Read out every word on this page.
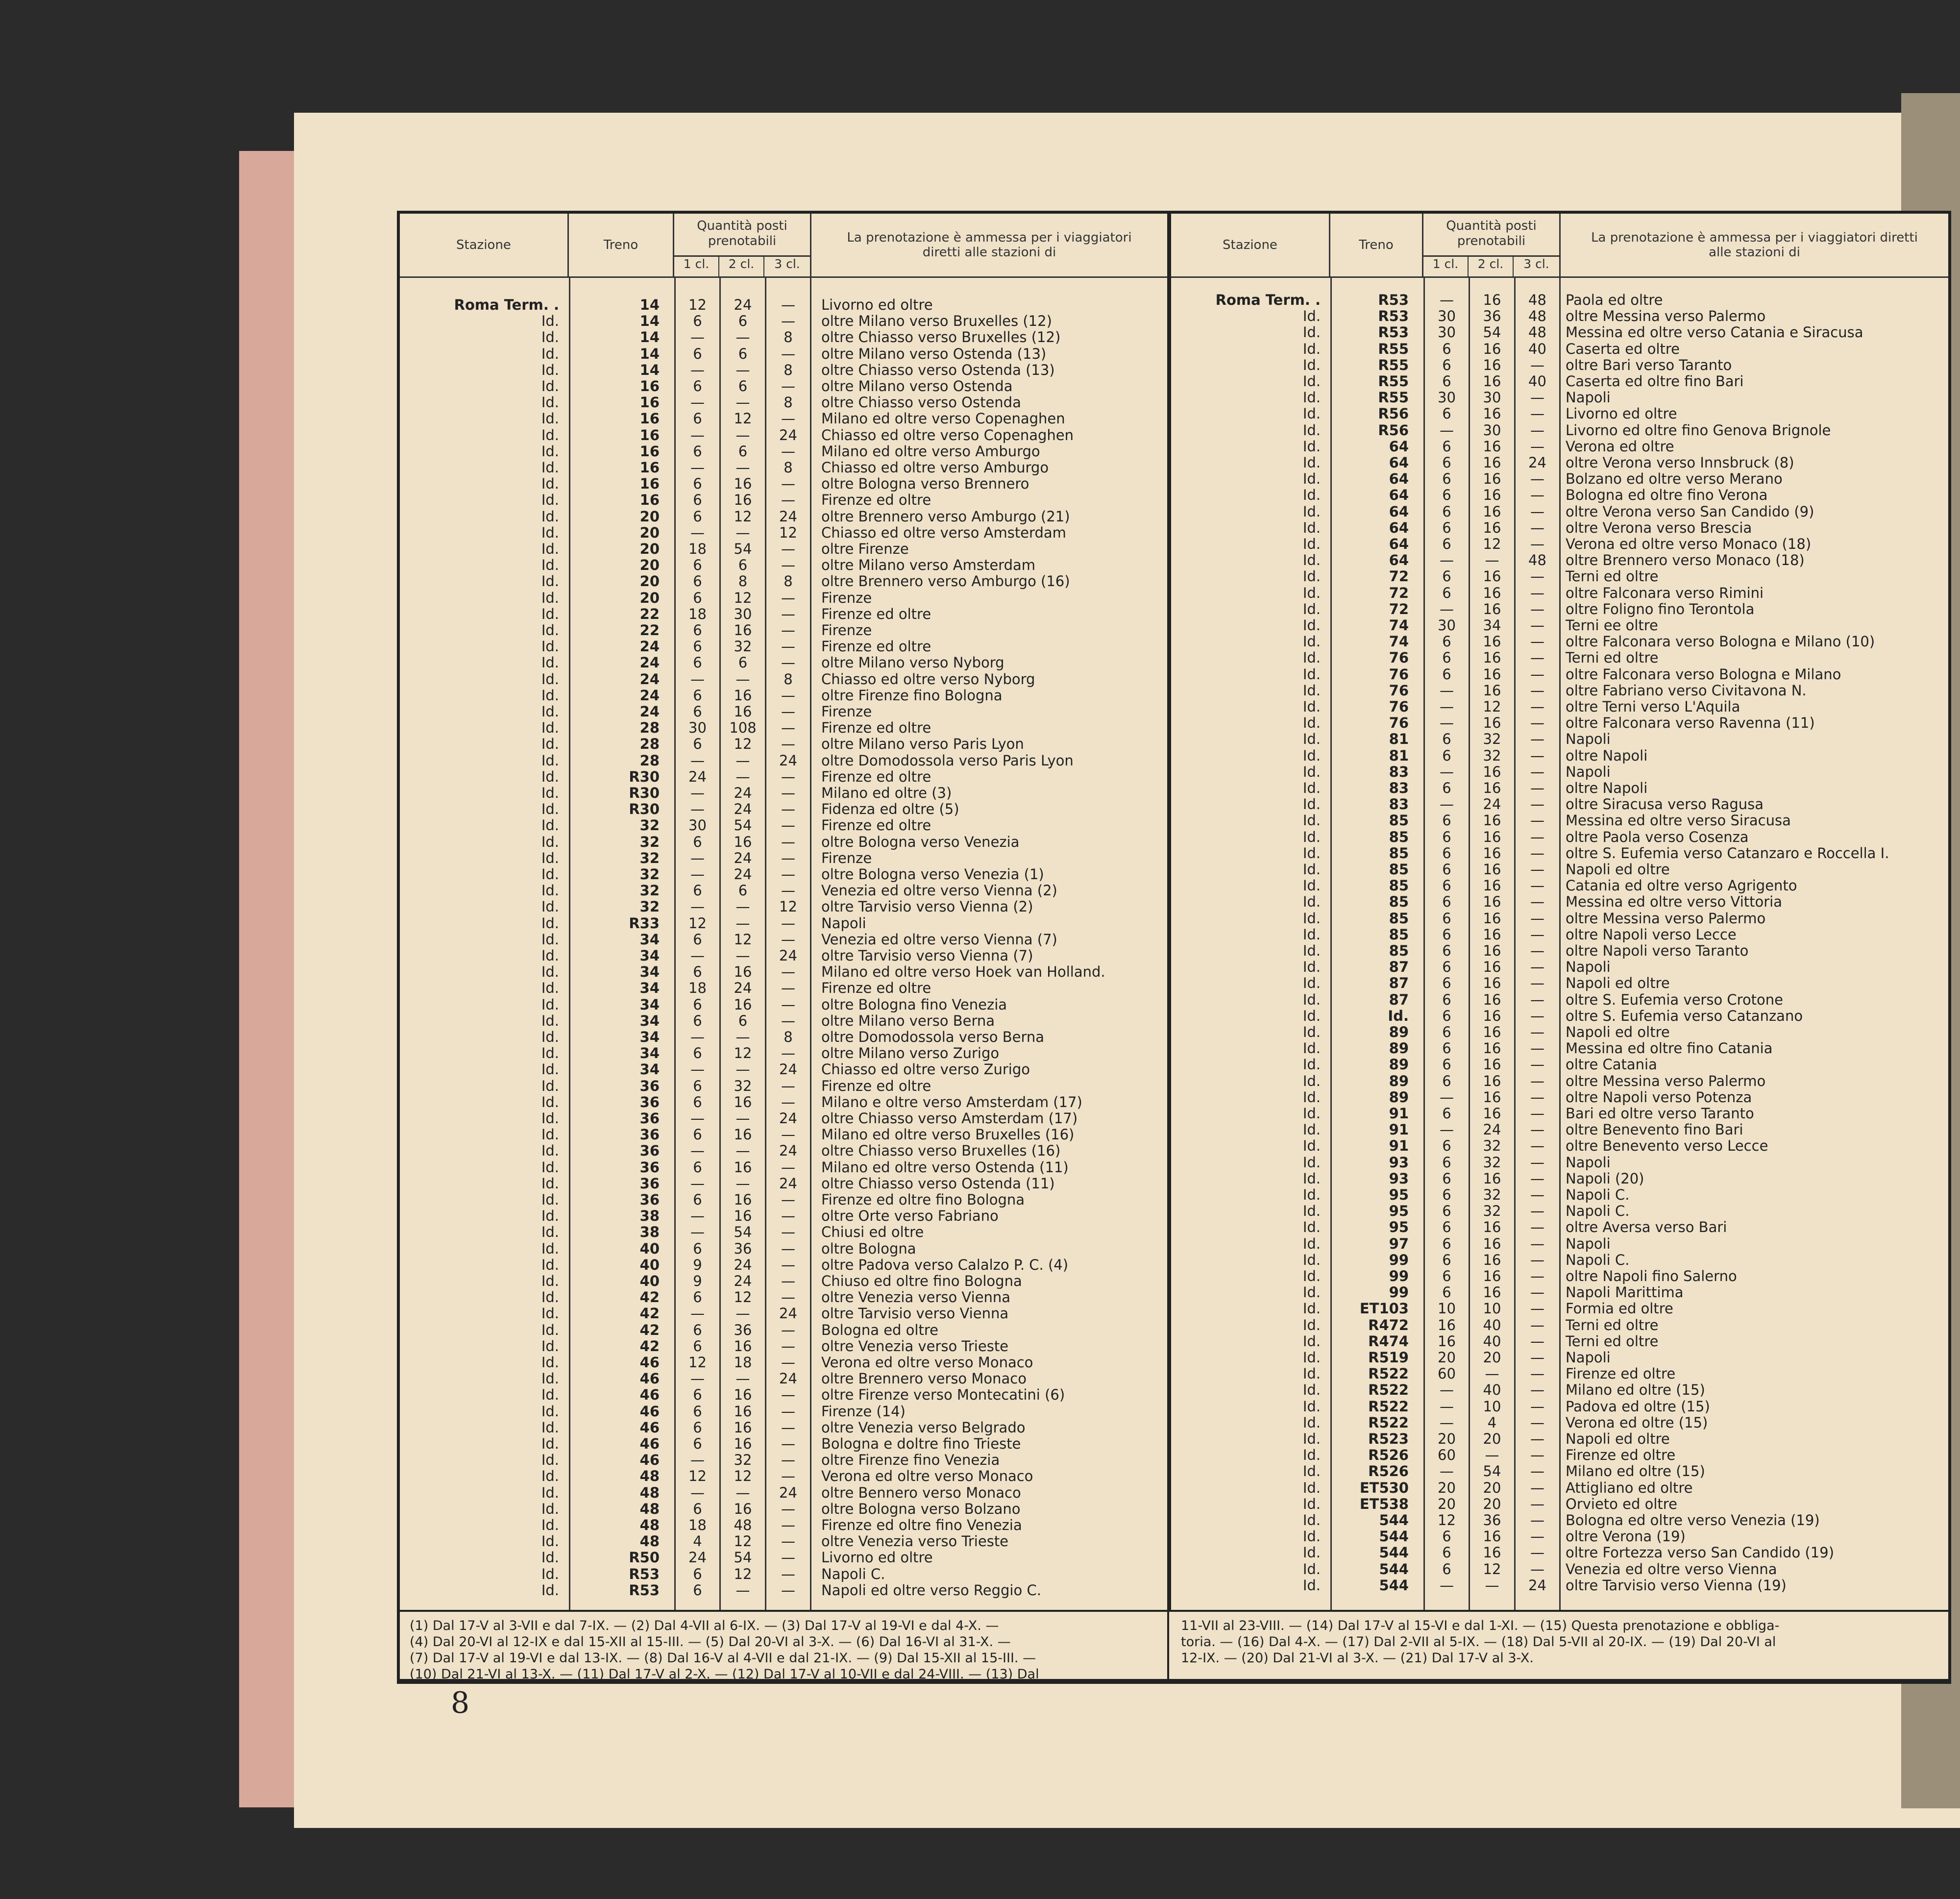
Stazione	Treno
Quantità posti prenotabili
1 cl.	2 cl.	3 cl.
La prenotazione è ammessa per i viaggiatori diretti alle stazioni di
Roma Term. .	14	12	24	—	Livorno ed oltre
Id.	14	6	6	—	oltre Milano verso Bruxelles (12)
Id.	14	—	—	8	oltre Chiasso verso Bruxelles (12)
Id.	14	6	6	—	oltre Milano verso Ostenda (13)
Id.	14	—	—	8	oltre Chiasso verso Ostenda (13)
Id.	16	6	6	—	oltre Milano verso Ostenda
Id.	16	—	—	8	oltre Chiasso verso Ostenda
Id.	16	6	12	—	Milano ed oltre verso Copenaghen
Id.	16	—	—	24	Chiasso ed oltre verso Copenaghen
Id.	16	6	6	—	Milano ed oltre verso Amburgo
Id.	16	—	—	8	Chiasso ed oltre verso Amburgo
Id.	16	6	16	—	oltre Bologna verso Brennero
Id.	16	6	16	—	Firenze ed oltre
Id.	20	6	12	24	oltre Brennero verso Amburgo (21)
Id.	20	—	—	12	Chiasso ed oltre verso Amsterdam
Id.	20	18	54	—	oltre Firenze
Id.	20	6	6	—	oltre Milano verso Amsterdam
Id.	20	6	8	8	oltre Brennero verso Amburgo (16)
Id.	20	6	12	—	Firenze
Id.	22	18	30	—	Firenze ed oltre
Id.	22	6	16	—	Firenze
Id.	24	6	32	—	Firenze ed oltre
Id.	24	6	6	—	oltre Milano verso Nyborg
Id.	24	—	—	8	Chiasso ed oltre verso Nyborg
Id.	24	6	16	—	oltre Firenze fino Bologna
Id.	24	6	16	—	Firenze
Id.	28	30	108	—	Firenze ed oltre
Id.	28	6	12	—	oltre Milano verso Paris Lyon
Id.	28	—	—	24	oltre Domodossola verso Paris Lyon
Id.	R30	24	—	—	Firenze ed oltre
Id.	R30	—	24	—	Milano ed oltre (3)
Id.	R30	—	24	—	Fidenza ed oltre (5)
Id.	32	30	54	—	Firenze ed oltre
Id.	32	6	16	—	oltre Bologna verso Venezia
Id.	32	—	24	—	Firenze
Id.	32	—	24	—	oltre Bologna verso Venezia (1)
Id.	32	6	6	—	Venezia ed oltre verso Vienna (2)
Id.	32	—	—	12	oltre Tarvisio verso Vienna (2)
Id.	R33	12	—	—	Napoli
Id.	34	6	12	—	Venezia ed oltre verso Vienna (7)
Id.	34	—	—	24	oltre Tarvisio verso Vienna (7)
Id.	34	6	16	—	Milano ed oltre verso Hoek van Holland.
Id.	34	18	24	—	Firenze ed oltre
Id.	34	6	16	—	oltre Bologna fino Venezia
Id.	34	6	6	—	oltre Milano verso Berna
Id.	34	—	—	8	oltre Domodossola verso Berna
Id.	34	6	12	—	oltre Milano verso Zurigo
Id.	34	—	—	24	Chiasso ed oltre verso Zurigo
Id.	36	6	32	—	Firenze ed oltre
Id.	36	6	16	—	Milano e oltre verso Amsterdam (17)
Id.	36	—	—	24	oltre Chiasso verso Amsterdam (17)
Id.	36	6	16	—	Milano ed oltre verso Bruxelles (16)
Id.	36	—	—	24	oltre Chiasso verso Bruxelles (16)
Id.	36	6	16	—	Milano ed oltre verso Ostenda (11)
Id.	36	—	—	24	oltre Chiasso verso Ostenda (11)
Id.	36	6	16	—	Firenze ed oltre fino Bologna
Id.	38	—	16	—	oltre Orte verso Fabriano
Id.	38	—	54	—	Chiusi ed oltre
Id.	40	6	36	—	oltre Bologna
Id.	40	9	24	—	oltre Padova verso Calalzo P. C. (4)
Id.	40	9	24	—	Chiuso ed oltre fino Bologna
Id.	42	6	12	—	oltre Venezia verso Vienna
Id.	42	—	—	24	oltre Tarvisio verso Vienna
Id.	42	6	36	—	Bologna ed oltre
Id.	42	6	16	—	oltre Venezia verso Trieste
Id.	46	12	18	—	Verona ed oltre verso Monaco
Id.	46	—	—	24	oltre Brennero verso Monaco
Id.	46	6	16	—	oltre Firenze verso Montecatini (6)
Id.	46	6	16	—	Firenze (14)
Id.	46	6	16	—	oltre Venezia verso Belgrado
Id.	46	6	16	—	Bologna e doltre fino Trieste
Id.	46	—	32	—	oltre Firenze fino Venezia
Id.	48	12	12	—	Verona ed oltre verso Monaco
Id.	48	—	—	24	oltre Bennero verso Monaco
Id.	48	6	16	—	oltre Bologna verso Bolzano
Id.	48	18	48	—	Firenze ed oltre fino Venezia
Id.	48	4	12	—	oltre Venezia verso Trieste
Id.	R50	24	54	—	Livorno ed oltre
Id.	R53	6	12	—	Napoli C.
Id.	R53	6	—	—	Napoli ed oltre verso Reggio C.
Stazione	Treno
Quantità posti prenotabili
1 cl.	2 cl.	3 cl.
La prenotazione è ammessa per i viaggiatori diretti alle stazioni di
Roma Term. .	R53	—	16	48	Paola ed oltre
Id.	R53	30	36	48	oltre Messina verso Palermo
Id.	R53	30	54	48	Messina ed oltre verso Catania e Siracusa
Id.	R55	6	16	40	Caserta ed oltre
Id.	R55	6	16	—	oltre Bari verso Taranto
Id.	R55	6	16	40	Caserta ed oltre fino Bari
Id.	R55	30	30	—	Napoli
Id.	R56	6	16	—	Livorno ed oltre
Id.	R56	—	30	—	Livorno ed oltre fino Genova Brignole
Id.	64	6	16	—	Verona ed oltre
Id.	64	6	16	24	oltre Verona verso Innsbruck (8)
Id.	64	6	16	—	Bolzano ed oltre verso Merano
Id.	64	6	16	—	Bologna ed oltre fino Verona
Id.	64	6	16	—	oltre Verona verso San Candido (9)
Id.	64	6	16	—	oltre Verona verso Brescia
Id.	64	6	12	—	Verona ed oltre verso Monaco (18)
Id.	64	—	—	48	oltre Brennero verso Monaco (18)
Id.	72	6	16	—	Terni ed oltre
Id.	72	6	16	—	oltre Falconara verso Rimini
Id.	72	—	16	—	oltre Foligno fino Terontola
Id.	74	30	34	—	Terni ee oltre
Id.	74	6	16	—	oltre Falconara verso Bologna e Milano (10)
Id.	76	6	16	—	Terni ed oltre
Id.	76	6	16	—	oltre Falconara verso Bologna e Milano
Id.	76	—	16	—	oltre Fabriano verso Civitavona N.
Id.	76	—	12	—	oltre Terni verso L'Aquila
Id.	76	—	16	—	oltre Falconara verso Ravenna (11)
Id.	81	6	32	—	Napoli
Id.	81	6	32	—	oltre Napoli
Id.	83	—	16	—	Napoli
Id.	83	6	16	—	oltre Napoli
Id.	83	—	24	—	oltre Siracusa verso Ragusa
Id.	85	6	16	—	Messina ed oltre verso Siracusa
Id.	85	6	16	—	oltre Paola verso Cosenza
Id.	85	6	16	—	oltre S. Eufemia verso Catanzaro e Roccella I.
Id.	85	6	16	—	Napoli ed oltre
Id.	85	6	16	—	Catania ed oltre verso Agrigento
Id.	85	6	16	—	Messina ed oltre verso Vittoria
Id.	85	6	16	—	oltre Messina verso Palermo
Id.	85	6	16	—	oltre Napoli verso Lecce
Id.	85	6	16	—	oltre Napoli verso Taranto
Id.	87	6	16	—	Napoli
Id.	87	6	16	—	Napoli ed oltre
Id.	87	6	16	—	oltre S. Eufemia verso Crotone
Id.	Id.	6	16	—	oltre S. Eufemia verso Catanzano
Id.	89	6	16	—	Napoli ed oltre
Id.	89	6	16	—	Messina ed oltre fino Catania
Id.	89	6	16	—	oltre Catania
Id.	89	6	16	—	oltre Messina verso Palermo
Id.	89	—	16	—	oltre Napoli verso Potenza
Id.	91	6	16	—	Bari ed oltre verso Taranto
Id.	91	—	24	—	oltre Benevento fino Bari
Id.	91	6	32	—	oltre Benevento verso Lecce
Id.	93	6	32	—	Napoli
Id.	93	6	16	—	Napoli (20)
Id.	95	6	32	—	Napoli C.
Id.	95	6	32	—	Napoli C.
Id.	95	6	16	—	oltre Aversa verso Bari
Id.	97	6	16	—	Napoli
Id.	99	6	16	—	Napoli C.
Id.	99	6	16	—	oltre Napoli fino Salerno
Id.	99	6	16	—	Napoli Marittima
Id.	ET103	10	10	—	Formia ed oltre
Id.	R472	16	40	—	Terni ed oltre
Id.	R474	16	40	—	Terni ed oltre
Id.	R519	20	20	—	Napoli
Id.	R522	60	—	—	Firenze ed oltre
Id.	R522	—	40	—	Milano ed oltre (15)
Id.	R522	—	10	—	Padova ed oltre (15)
Id.	R522	—	4	—	Verona ed oltre (15)
Id.	R523	20	20	—	Napoli ed oltre
Id.	R526	60	—	—	Firenze ed oltre
Id.	R526	—	54	—	Milano ed oltre (15)
Id.	ET530	20	20	—	Attigliano ed oltre
Id.	ET538	20	20	—	Orvieto ed oltre
Id.	544	12	36	—	Bologna ed oltre verso Venezia (19)
Id.	544	6	16	—	oltre Verona (19)
Id.	544	6	16	—	oltre Fortezza verso San Candido (19)
Id.	544	6	12	—	Venezia ed oltre verso Vienna
Id.	544	—	—	24	oltre Tarvisio verso Vienna (19)
(1) Dal 17-V al 3-VII e dal 7-IX. — (2) Dal 4-VII al 6-IX. — (3) Dal 17-V al 19-VI e dal 4-X. —
(4) Dal 20-VI al 12-IX e dal 15-XII al 15-III. — (5) Dal 20-VI al 3-X. — (6) Dal 16-VI al 31-X. —
(7) Dal 17-V al 19-VI e dal 13-IX. — (8) Dal 16-V al 4-VII e dal 21-IX. — (9) Dal 15-XII al 15-III. —
(10) Dal 21-VI al 13-X. — (11) Dal 17-V al 2-X. — (12) Dal 17-V al 10-VII e dal 24-VIII. — (13) Dal
11-VII al 23-VIII. — (14) Dal 17-V al 15-VI e dal 1-XI. — (15) Questa prenotazione e obbliga-
toria. — (16) Dal 4-X. — (17) Dal 2-VII al 5-IX. — (18) Dal 5-VII al 20-IX. — (19) Dal 20-VI al
12-IX. — (20) Dal 21-VI al 3-X. — (21) Dal 17-V al 3-X.
8
